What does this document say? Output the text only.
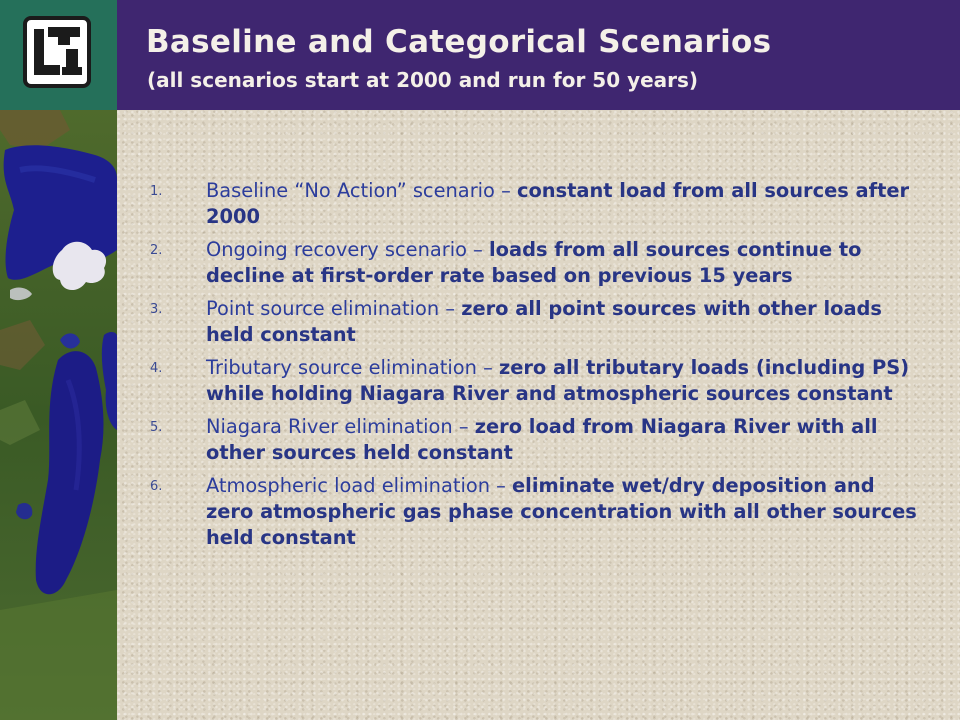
Baseline and Categorical Scenarios
(all scenarios start at 2000 and run for 50 years)
1. Baseline “No Action” scenario – constant load from all sources after 2000
2. Ongoing recovery scenario – loads from all sources continue to decline at first-order rate based on previous 15 years
3. Point source elimination – zero all point sources with other loads held constant
4. Tributary source elimination – zero all tributary loads (including PS) while holding Niagara River and atmospheric sources constant
5. Niagara River elimination – zero load from Niagara River with all other sources held constant
6. Atmospheric load elimination – eliminate wet/dry deposition and zero atmospheric gas phase concentration with all other sources held constant
